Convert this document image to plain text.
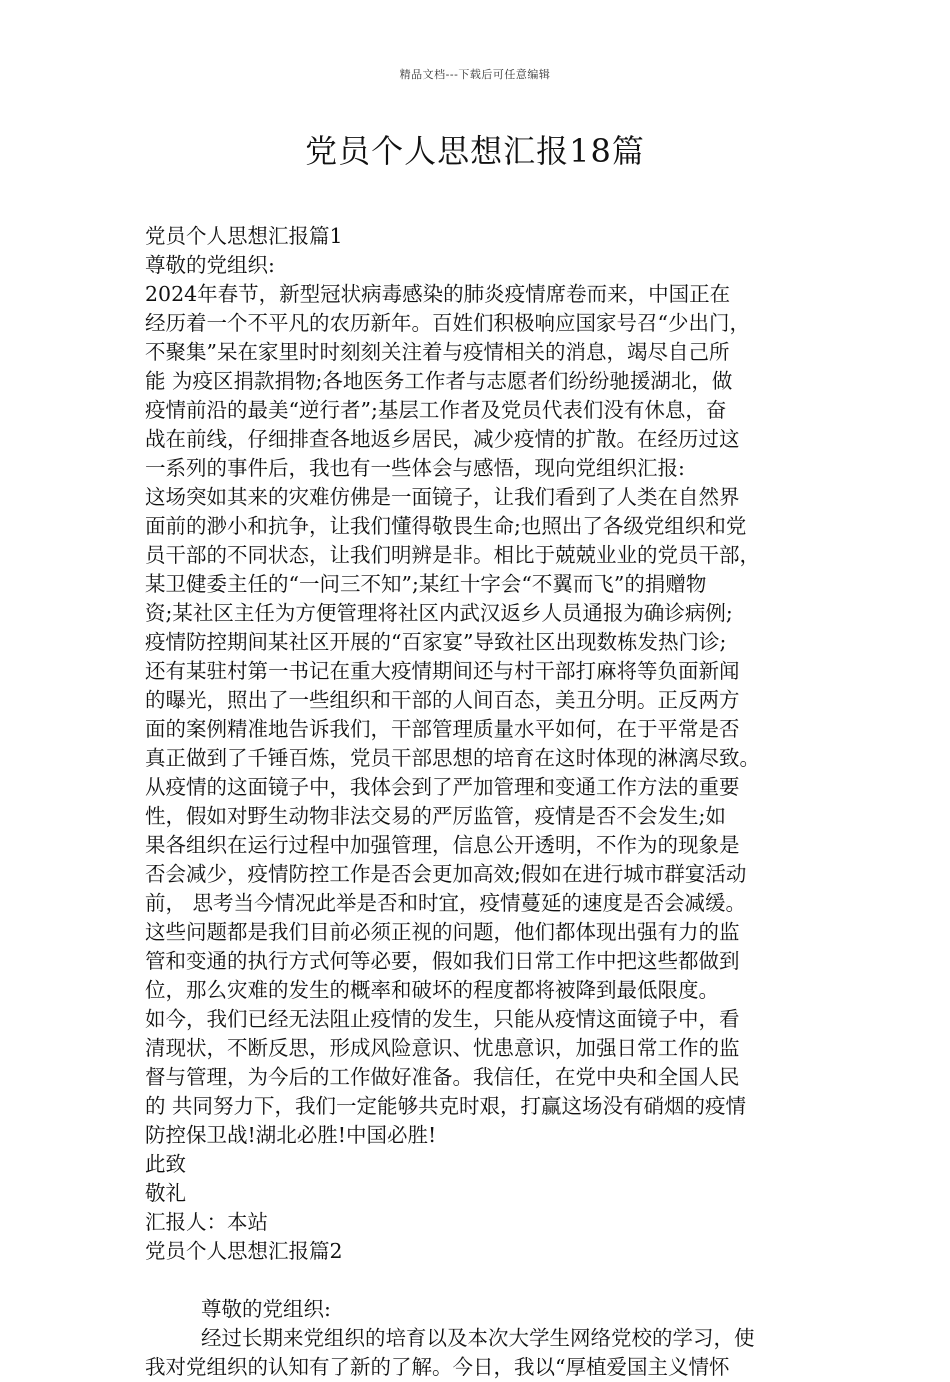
精品文档---下载后可任意编辑
党员个人思想汇报18篇
党员个人思想汇报篇1
尊敬的党组织:
2024年春节，新型冠状病毒感染的肺炎疫情席卷而来，中国正在
经历着一个不平凡的农历新年。百姓们积极响应国家号召“少出门，
不聚集”呆在家里时时刻刻关注着与疫情相关的消息，竭尽自己所
能 为疫区捐款捐物;各地医务工作者与志愿者们纷纷驰援湖北，做
疫情前沿的最美“逆行者”;基层工作者及党员代表们没有休息，奋
战在前线，仔细排查各地返乡居民，减少疫情的扩散。在经历过这
一系列的事件后，我也有一些体会与感悟，现向党组织汇报:
这场突如其来的灾难仿佛是一面镜子，让我们看到了人类在自然界
面前的渺小和抗争，让我们懂得敬畏生命;也照出了各级党组织和党
员干部的不同状态，让我们明辨是非。相比于兢兢业业的党员干部，
某卫健委主任的“一问三不知”;某红十字会“不翼而飞”的捐赠物
资;某社区主任为方便管理将社区内武汉返乡人员通报为确诊病例;
疫情防控期间某社区开展的“百家宴”导致社区出现数栋发热门诊;
还有某驻村第一书记在重大疫情期间还与村干部打麻将等负面新闻
的曝光，照出了一些组织和干部的人间百态，美丑分明。正反两方
面的案例精准地告诉我们，干部管理质量水平如何，在于平常是否
真正做到了千锤百炼，党员干部思想的培育在这时体现的淋漓尽致。
从疫情的这面镜子中，我体会到了严加管理和变通工作方法的重要
性，假如对野生动物非法交易的严厉监管，疫情是否不会发生;如
果各组织在运行过程中加强管理，信息公开透明，不作为的现象是
否会减少，疫情防控工作是否会更加高效;假如在进行城市群宴活动
前， 思考当今情况此举是否和时宜，疫情蔓延的速度是否会减缓。
这些问题都是我们目前必须正视的问题，他们都体现出强有力的监
管和变通的执行方式何等必要，假如我们日常工作中把这些都做到
位，那么灾难的发生的概率和破坏的程度都将被降到最低限度。
如今，我们已经无法阻止疫情的发生，只能从疫情这面镜子中，看
清现状，不断反思，形成风险意识、忧患意识，加强日常工作的监
督与管理，为今后的工作做好准备。我信任，在党中央和全国人民
的 共同努力下，我们一定能够共克时艰，打赢这场没有硝烟的疫情
防控保卫战!湖北必胜!中国必胜!
此致
敬礼
汇报人：本站
党员个人思想汇报篇2
尊敬的党组织:
经过长期来党组织的培育以及本次大学生网络党校的学习，使
我对党组织的认知有了新的了解。今日，我以“厚植爱国主义情怀
